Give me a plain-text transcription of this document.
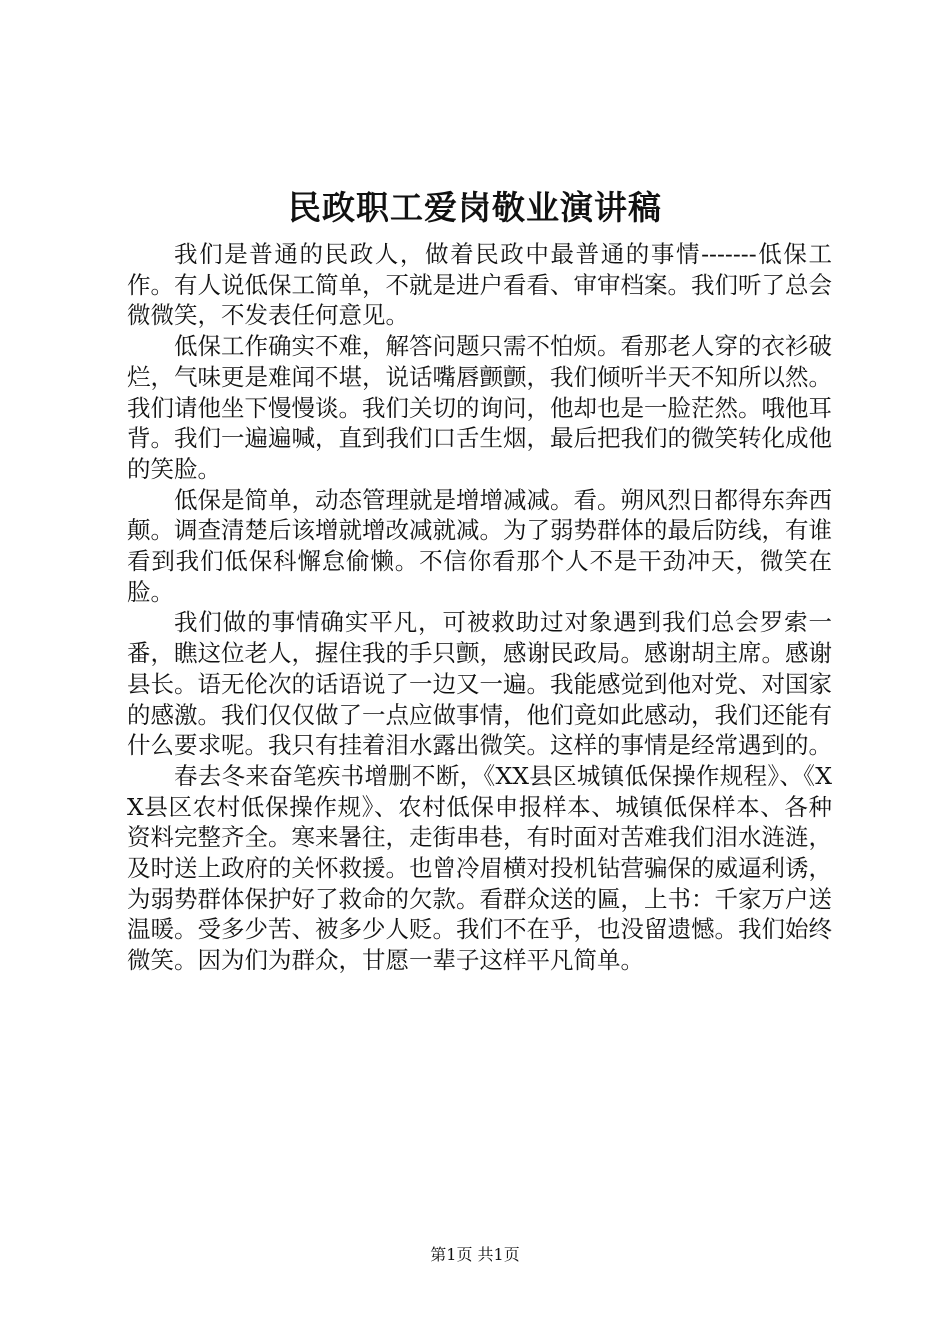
民政职工爱岗敬业演讲稿

我们是普通的民政人，做着民政中最普通的事情-------低保工作。有人说低保工简单，不就是进户看看、审审档案。我们听了总会微微笑，不发表任何意见。

低保工作确实不难，解答问题只需不怕烦。看那老人穿的衣衫破烂，气味更是难闻不堪，说话嘴唇颤颤，我们倾听半天不知所以然。我们请他坐下慢慢谈。我们关切的询问，他却也是一脸茫然。哦他耳背。我们一遍遍喊，直到我们口舌生烟，最后把我们的微笑转化成他的笑脸。

低保是简单，动态管理就是增增减减。看。朔风烈日都得东奔西颠。调查清楚后该增就增改减就减。为了弱势群体的最后防线，有谁看到我们低保科懈怠偷懒。不信你看那个人不是干劲冲天，微笑在脸。

我们做的事情确实平凡，可被救助过对象遇到我们总会罗索一番，瞧这位老人，握住我的手只颤，感谢民政局。感谢胡主席。感谢县长。语无伦次的话语说了一边又一遍。我能感觉到他对党、对国家的感激。我们仅仅做了一点应做事情，他们竟如此感动，我们还能有什么要求呢。我只有挂着泪水露出微笑。这样的事情是经常遇到的。

春去冬来奋笔疾书增删不断，《XX县区城镇低保操作规程》、《XX县区农村低保操作规》、农村低保申报样本、城镇低保样本、各种资料完整齐全。寒来暑往，走街串巷，有时面对苦难我们泪水涟涟，及时送上政府的关怀救援。也曾冷眉横对投机钻营骗保的威逼利诱，为弱势群体保护好了救命的欠款。看群众送的匾，上书：千家万户送温暖。受多少苦、被多少人贬。我们不在乎，也没留遗憾。我们始终微笑。因为们为群众，甘愿一辈子这样平凡简单。

第1页 共1页
